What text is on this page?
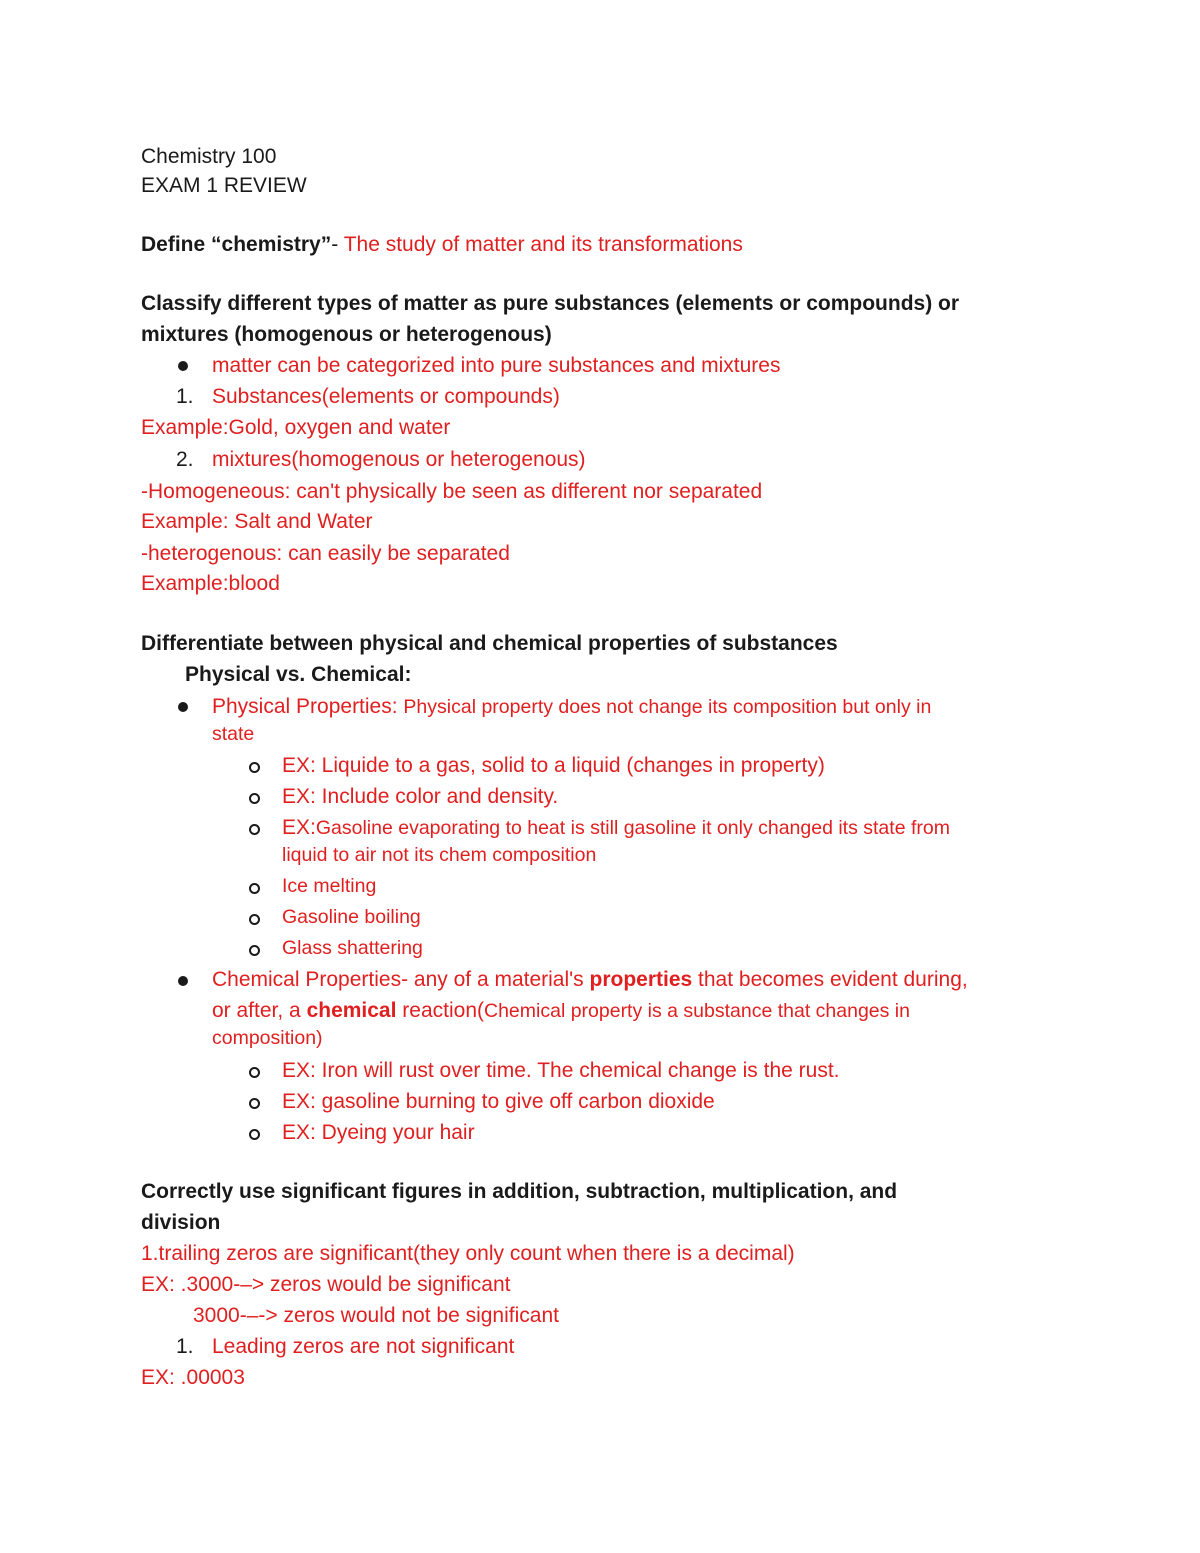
Chemistry 100
EXAM 1 REVIEW
Define “chemistry”- The study of matter and its transformations
Classify different types of matter as pure substances (elements or compounds) or
mixtures (homogenous or heterogenous)
matter can be categorized into pure substances and mixtures
1. Substances(elements or compounds)
Example:Gold, oxygen and water
2. mixtures(homogenous or heterogenous)
-Homogeneous: can't physically be seen as different nor separated
Example: Salt and Water
-heterogenous: can easily be separated
Example:blood
Differentiate between physical and chemical properties of substances
Physical vs. Chemical:
Physical Properties: Physical property does not change its composition but only in
state
EX: Liquide to a gas, solid to a liquid (changes in property)
EX: Include color and density.
EX:Gasoline evaporating to heat is still gasoline it only changed its state from
liquid to air not its chem composition
Ice melting
Gasoline boiling
Glass shattering
Chemical Properties- any of a material's properties that becomes evident during,
or after, a chemical reaction(Chemical property is a substance that changes in
composition)
EX: Iron will rust over time. The chemical change is the rust.
EX: gasoline burning to give off carbon dioxide
EX: Dyeing your hair
Correctly use significant figures in addition, subtraction, multiplication, and
division
1.trailing zeros are significant(they only count when there is a decimal)
EX: .3000-–> zeros would be significant
3000-–-> zeros would not be significant
1. Leading zeros are not significant
EX: .00003
